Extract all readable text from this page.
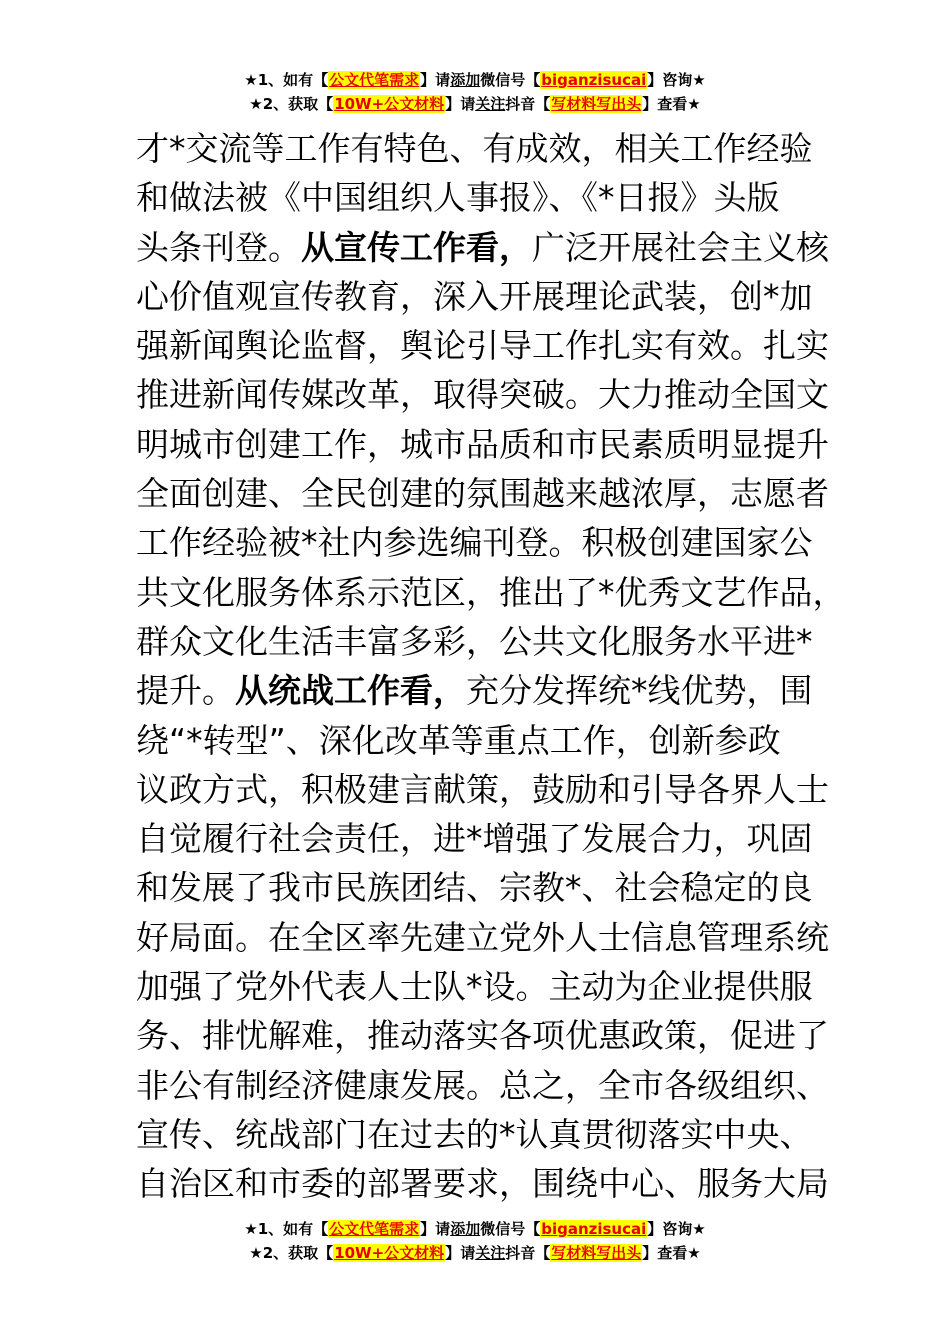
★1、如有【公文代笔需求】请添加微信号【biganzisucai】咨询★
★2、获取【10W+公文材料】请关注抖音【写材料写出头】查看★
才*交流等工作有特色、有成效，相关工作经验
和做法被《中国组织人事报》、《*日报》头版
头条刊登。从宣传工作看，广泛开展社会主义核
心价值观宣传教育，深入开展理论武装，创*加
强新闻舆论监督，舆论引导工作扎实有效。扎实
推进新闻传媒改革，取得突破。大力推动全国文
明城市创建工作，城市品质和市民素质明显提升
全面创建、全民创建的氛围越来越浓厚，志愿者
工作经验被*社内参选编刊登。积极创建国家公
共文化服务体系示范区，推出了*优秀文艺作品，
群众文化生活丰富多彩，公共文化服务水平进*
提升。从统战工作看，充分发挥统*线优势，围
绕“*转型”、深化改革等重点工作，创新参政
议政方式，积极建言献策，鼓励和引导各界人士
自觉履行社会责任，进*增强了发展合力，巩固
和发展了我市民族团结、宗教*、社会稳定的良
好局面。在全区率先建立党外人士信息管理系统
加强了党外代表人士队*设。主动为企业提供服
务、排忧解难，推动落实各项优惠政策，促进了
非公有制经济健康发展。总之，全市各级组织、
宣传、统战部门在过去的*认真贯彻落实中央、
自治区和市委的部署要求，围绕中心、服务大局
★1、如有【公文代笔需求】请添加微信号【biganzisucai】咨询★
★2、获取【10W+公文材料】请关注抖音【写材料写出头】查看★
